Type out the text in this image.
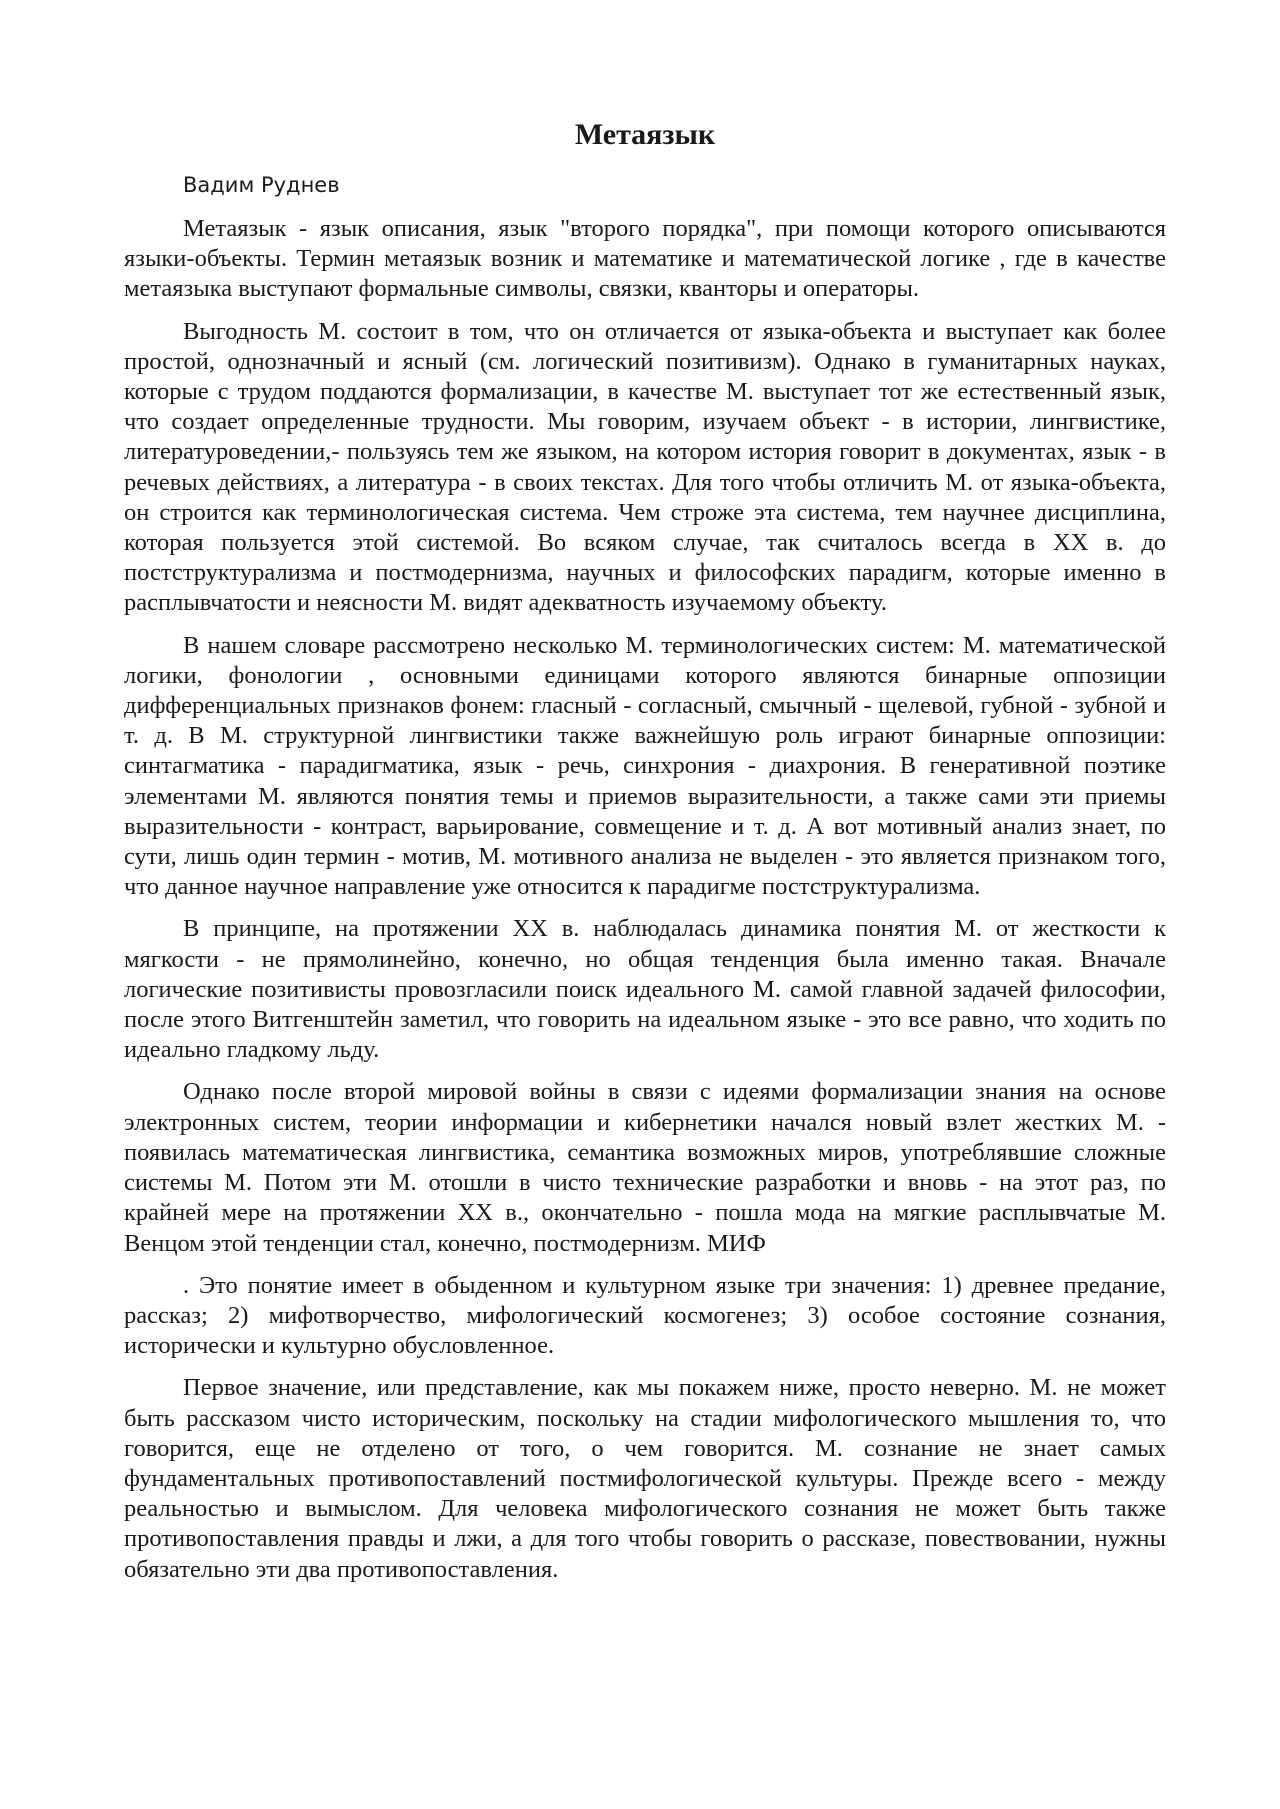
Метаязык

Вадим Руднев

Метаязык - язык описания, язык "второго порядка", при помощи которого описываются языки-объекты. Термин метаязык возник и математике и математической логике , где в качестве метаязыка выступают формальные символы, связки, кванторы и операторы.

Выгодность М. состоит в том, что он отличается от языка-объекта и выступает как более простой, однозначный и ясный (см. логический позитивизм). Однако в гуманитарных науках, которые с трудом поддаются формализации, в качестве М. выступает тот же естественный язык, что создает определенные трудности. Мы говорим, изучаем объект - в истории, лингвистике, литературоведении,- пользуясь тем же языком, на котором история говорит в документах, язык - в речевых действиях, а литература - в своих текстах. Для того чтобы отличить М. от языка-объекта, он строится как терминологическая система. Чем строже эта система, тем научнее дисциплина, которая пользуется этой системой. Во всяком случае, так считалось всегда в XX в. до постструктурализма и постмодернизма, научных и философских парадигм, которые именно в расплывчатости и неясности М. видят адекватность изучаемому объекту.

В нашем словаре рассмотрено несколько М. терминологических систем: М. математической логики, фонологии , основными единицами которого являются бинарные оппозиции дифференциальных признаков фонем: гласный - согласный, смычный - щелевой, губной - зубной и т. д. В М. структурной лингвистики также важнейшую роль играют бинарные оппозиции: синтагматика - парадигматика, язык - речь, синхрония - диахрония. В генеративной поэтике элементами М. являются понятия темы и приемов выразительности, а также сами эти приемы выразительности - контраст, варьирование, совмещение и т. д. А вот мотивный анализ знает, по сути, лишь один термин - мотив, М. мотивного анализа не выделен - это является признаком того, что данное научное направление уже относится к парадигме постструктурализма.

В принципе, на протяжении XX в. наблюдалась динамика понятия М. от жесткости к мягкости - не прямолинейно, конечно, но общая тенденция была именно такая. Вначале логические позитивисты провозгласили поиск идеального М. самой главной задачей философии, после этого Витгенштейн заметил, что говорить на идеальном языке - это все равно, что ходить по идеально гладкому льду.

Однако после второй мировой войны в связи с идеями формализации знания на основе электронных систем, теории информации и кибернетики начался новый взлет жестких М. - появилась математическая лингвистика, семантика возможных миров, употреблявшие сложные системы М. Потом эти М. отошли в чисто технические разработки и вновь - на этот раз, по крайней мере на протяжении XX в., окончательно - пошла мода на мягкие расплывчатые М. Венцом этой тенденции стал, конечно, постмодернизм. МИФ

. Это понятие имеет в обыденном и культурном языке три значения: 1) древнее предание, рассказ; 2) мифотворчество, мифологический космогенез; 3) особое состояние сознания, исторически и культурно обусловленное.

Первое значение, или представление, как мы покажем ниже, просто неверно. М. не может быть рассказом чисто историческим, поскольку на стадии мифологического мышления то, что говорится, еще не отделено от того, о чем говорится. М. сознание не знает самых фундаментальных противопоставлений постмифологической культуры. Прежде всего - между реальностью и вымыслом. Для человека мифологического сознания не может быть также противопоставления правды и лжи, а для того чтобы говорить о рассказе, повествовании, нужны обязательно эти два противопоставления.
